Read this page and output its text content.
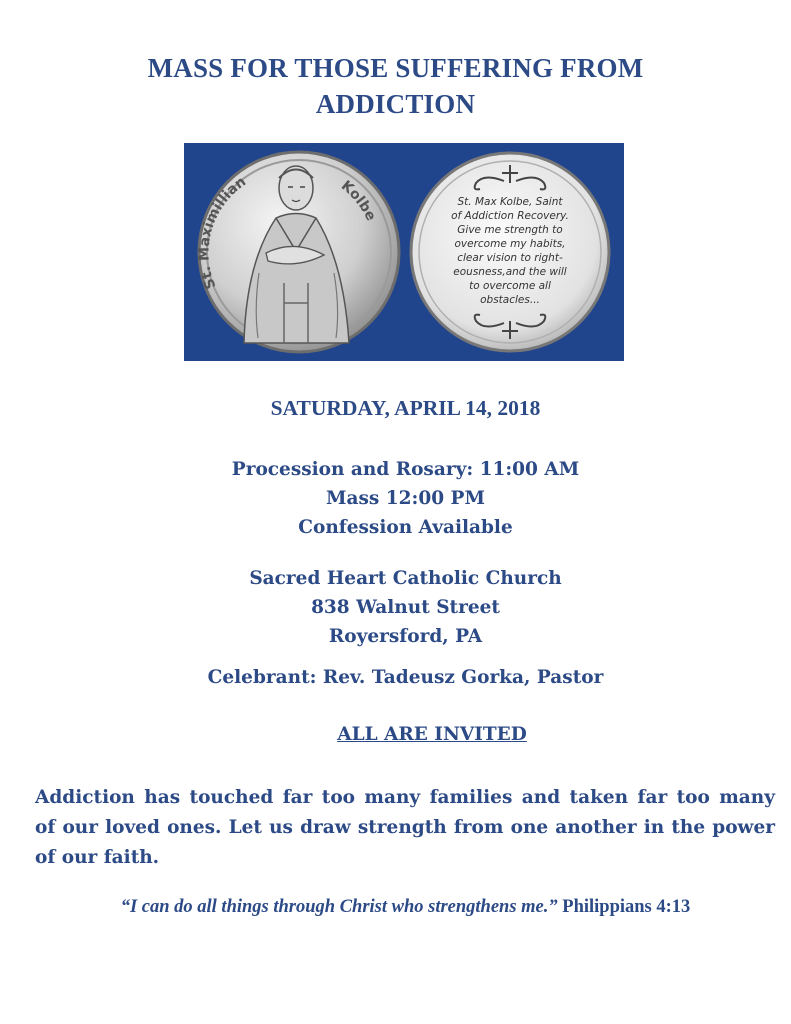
MASS FOR THOSE SUFFERING FROM
ADDICTION
St. Maximillian	Kolbe
St. Max Kolbe, Saint
of Addiction Recovery.
Give me strength to
overcome my habits,
clear vision to right-
eousness,and the will
to overcome all
obstacles...
SATURDAY, APRIL 14, 2018
Procession and Rosary: 11:00 AM
Mass 12:00 PM
Confession Available
Sacred Heart Catholic Church
838 Walnut Street
Royersford, PA
Celebrant: Rev. Tadeusz Gorka, Pastor
ALL ARE INVITED
Addiction has touched far too many families and taken far too many
of our loved ones. Let us draw strength from one another in the power
of our faith.
“I can do all things through Christ who strengthens me.” Philippians 4:13
